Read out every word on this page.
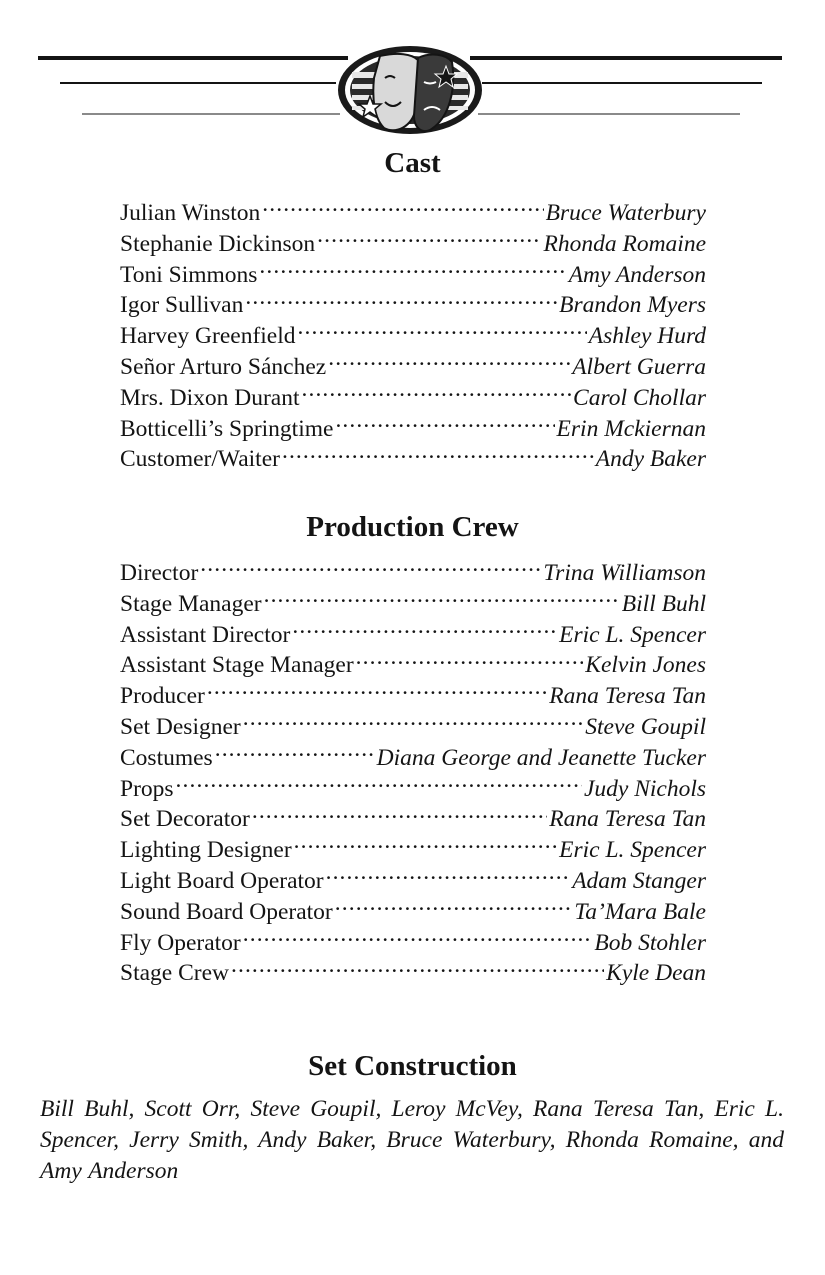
Cast
Julian Winston .....	Bruce Waterbury
Stephanie Dickinson .....	Rhonda Romaine
Toni Simmons .....	Amy Anderson
Igor Sullivan .....	Brandon Myers
Harvey Greenfield .....	Ashley Hurd
Señor Arturo Sánchez .....	Albert Guerra
Mrs. Dixon Durant .....	Carol Chollar
Botticelli’s Springtime .....	Erin Mckiernan
Customer/Waiter .....	Andy Baker
Production Crew
Director .....	Trina Williamson
Stage Manager .....	Bill Buhl
Assistant Director .....	Eric L. Spencer
Assistant Stage Manager .....	Kelvin Jones
Producer .....	Rana Teresa Tan
Set Designer .....	Steve Goupil
Costumes .....	Diana George and Jeanette Tucker
Props .....	Judy Nichols
Set Decorator .....	Rana Teresa Tan
Lighting Designer .....	Eric L. Spencer
Light Board Operator .....	Adam Stanger
Sound Board Operator .....	Ta’Mara Bale
Fly Operator .....	Bob Stohler
Stage Crew .....	Kyle Dean
Set Construction

Bill Buhl, Scott Orr, Steve Goupil, Leroy McVey, Rana Teresa Tan, Eric L. Spencer, Jerry Smith, Andy Baker, Bruce Waterbury, Rhonda Romaine, and Amy Anderson
